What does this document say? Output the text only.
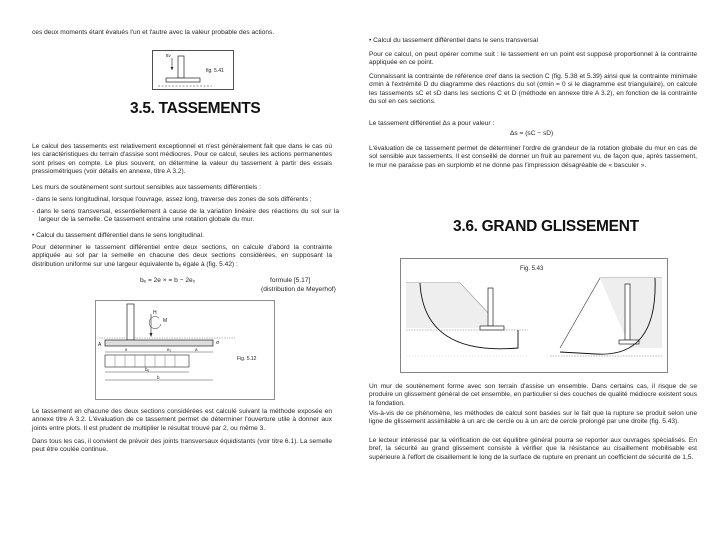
ces deux moments étant évalués l'un et l'autre avec la valeur probable des actions.

ttv
fig. 5.41
3.5. TASSEMENTS

Le calcul des tassements est relativement exceptionnel et n'est généralement fait que dans le cas où les caractéristiques du terrain d'assise sont médiocres. Pour ce calcul, seules les actions permanentes sont prises en compte. Le plus souvent, on détermine la valeur du tassement à partir des essais pressiométriques (voir détails en annexe, titre A 3.2).

Les murs de soutènement sont surtout sensibles aux tassements différentiels :

- dans le sens longitudinal, lorsque l'ouvrage, assez long, traverse des zones de sols différents ;

- dans le sens transversal, essentiellement à cause de la variation linéaire des réactions du sol sur la largeur de la semelle. Ce tassement entraîne une rotation globale du mur.

• Calcul du tassement différentiel dans le sens longitudinal.

Pour déterminer le tassement différentiel entre deux sections, on calcule d'abord la contrainte appliquée au sol par la semelle en chacune des deux sections considérées, en supposant la distribution uniforme sur une largeur équivalente bₑ égale à (fig. 5.42) :

bₑ = 2e × = b − 2e₀	formule [5.17]
(distribution de Meyerhof)
H
M
A	σ
x	e₀	a
bₑ
b
Fig. 5.12

Le tassement en chacune des deux sections considérées est calculé suivant la méthode exposée en annexe titre A 3.2. L'évaluation de ce tassement permet de déterminer l'ouverture utile à donner aux joints entre plots. Il est prudent de multiplier le résultat trouvé par 2, ou même 3.

Dans tous les cas, il convient de prévoir des joints transversaux équidistants (voir titre 6.1). La semelle peut être coulée continue.

• Calcul du tassement différentiel dans le sens transversal

Pour ce calcul, on peut opérer comme suit : le tassement en un point est supposé proportionnel à la contrainte appliquée en ce point.

Connaissant la contrainte de référence σref dans la section C (fig. 5.38 et 5.39) ainsi que la contrainte minimale σmin à l'extrémité D du diagramme des réactions du sol (σmin = 0 si le diagramme est triangulaire), on calcule les tassements sC et sD dans les sections C et D (méthode en annexe titre A 3.2), en fonction de la contrainte du sol en ces sections.

Le tassement différentiel Δs a pour valeur :

Δs = (sC − sD)

L'évaluation de ce tassement permet de déterminer l'ordre de grandeur de la rotation globale du mur en cas de sol sensible aux tassements. Il est conseillé de donner un fruit au parement vu, de façon que, après tassement, le mur ne paraisse pas en surplomb et ne donne pas l'impression désagréable de « basculer ».

3.6. GRAND GLISSEMENT
Fig. 5.43

Un mur de soutènement forme avec son terrain d'assise un ensemble. Dans certains cas, il risque de se produire un glissement général de cet ensemble, en particulier si des couches de qualité médiocre existent sous la fondation.

Vis-à-vis de ce phénomène, les méthodes de calcul sont basées sur le fait que la rupture se produit selon une ligne de glissement assimilable à un arc de cercle ou à un arc de cercle prolongé par une droite (fig. 5.43).

Le lecteur intéressé par la vérification de cet équilibre général pourra se reporter aux ouvrages spécialisés. En bref, la sécurité au grand glissement consiste à vérifier que la résistance au cisaillement mobilisable est supérieure à l'effort de cisaillement le long de la surface de rupture en prenant un coefficient de sécurité de 1,5.
